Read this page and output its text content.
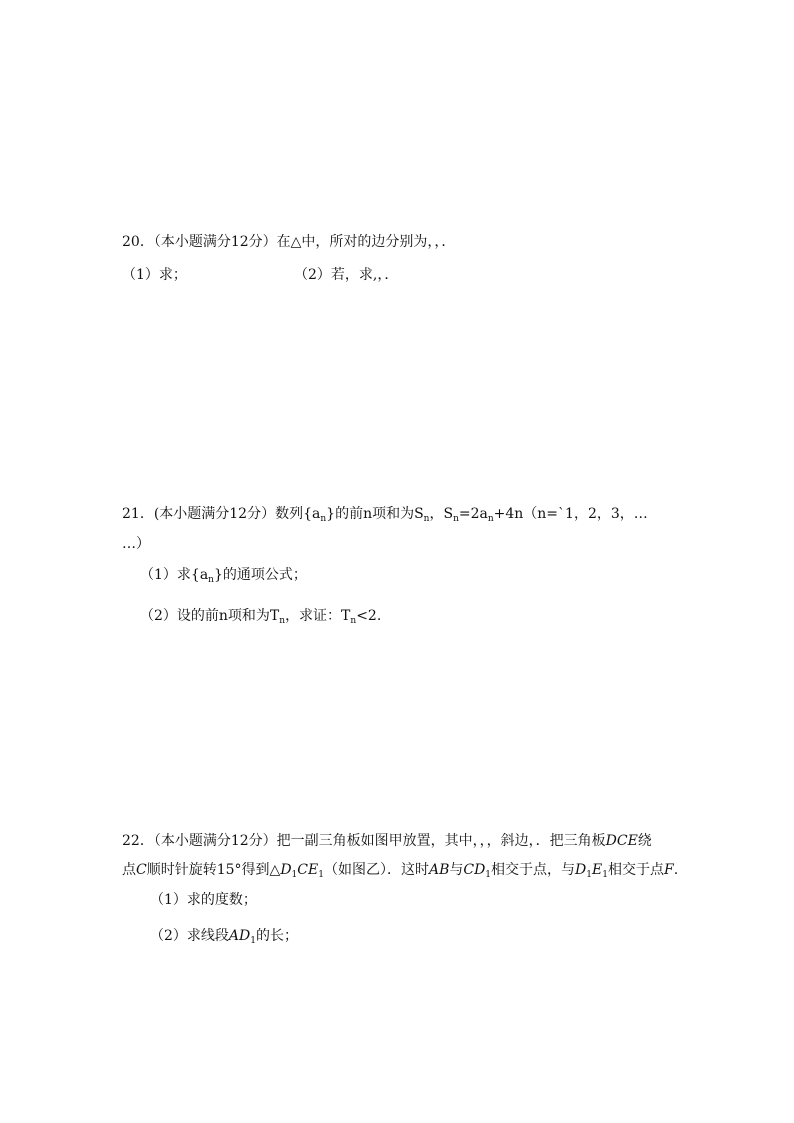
20．（本小题满分12分）在△中，所对的边分别为，，．
（1）求；	（2）若，求,，．
21．(本小题满分12分）数列$\{a_n\}$的前n项和为$S_n$，$S_n=2a_n+4n(n=`1$，2，3，…
…）
（1）求$\{a_n\}$的通项公式；
（2）设的前n项和为$T_n$，求证：$T_n<2$.
22．（本小题满分12分）把一副三角板如图甲放置，其中，，，斜边，．把三角板DCE绕
点C顺时针旋转15°得到$\triangle D_1CE_1$（如图乙）．这时AB与$CD_1$相交于点，与$D_1E_1$相交于点F.
（1）求的度数；
（2）求线段$AD_1$的长；
